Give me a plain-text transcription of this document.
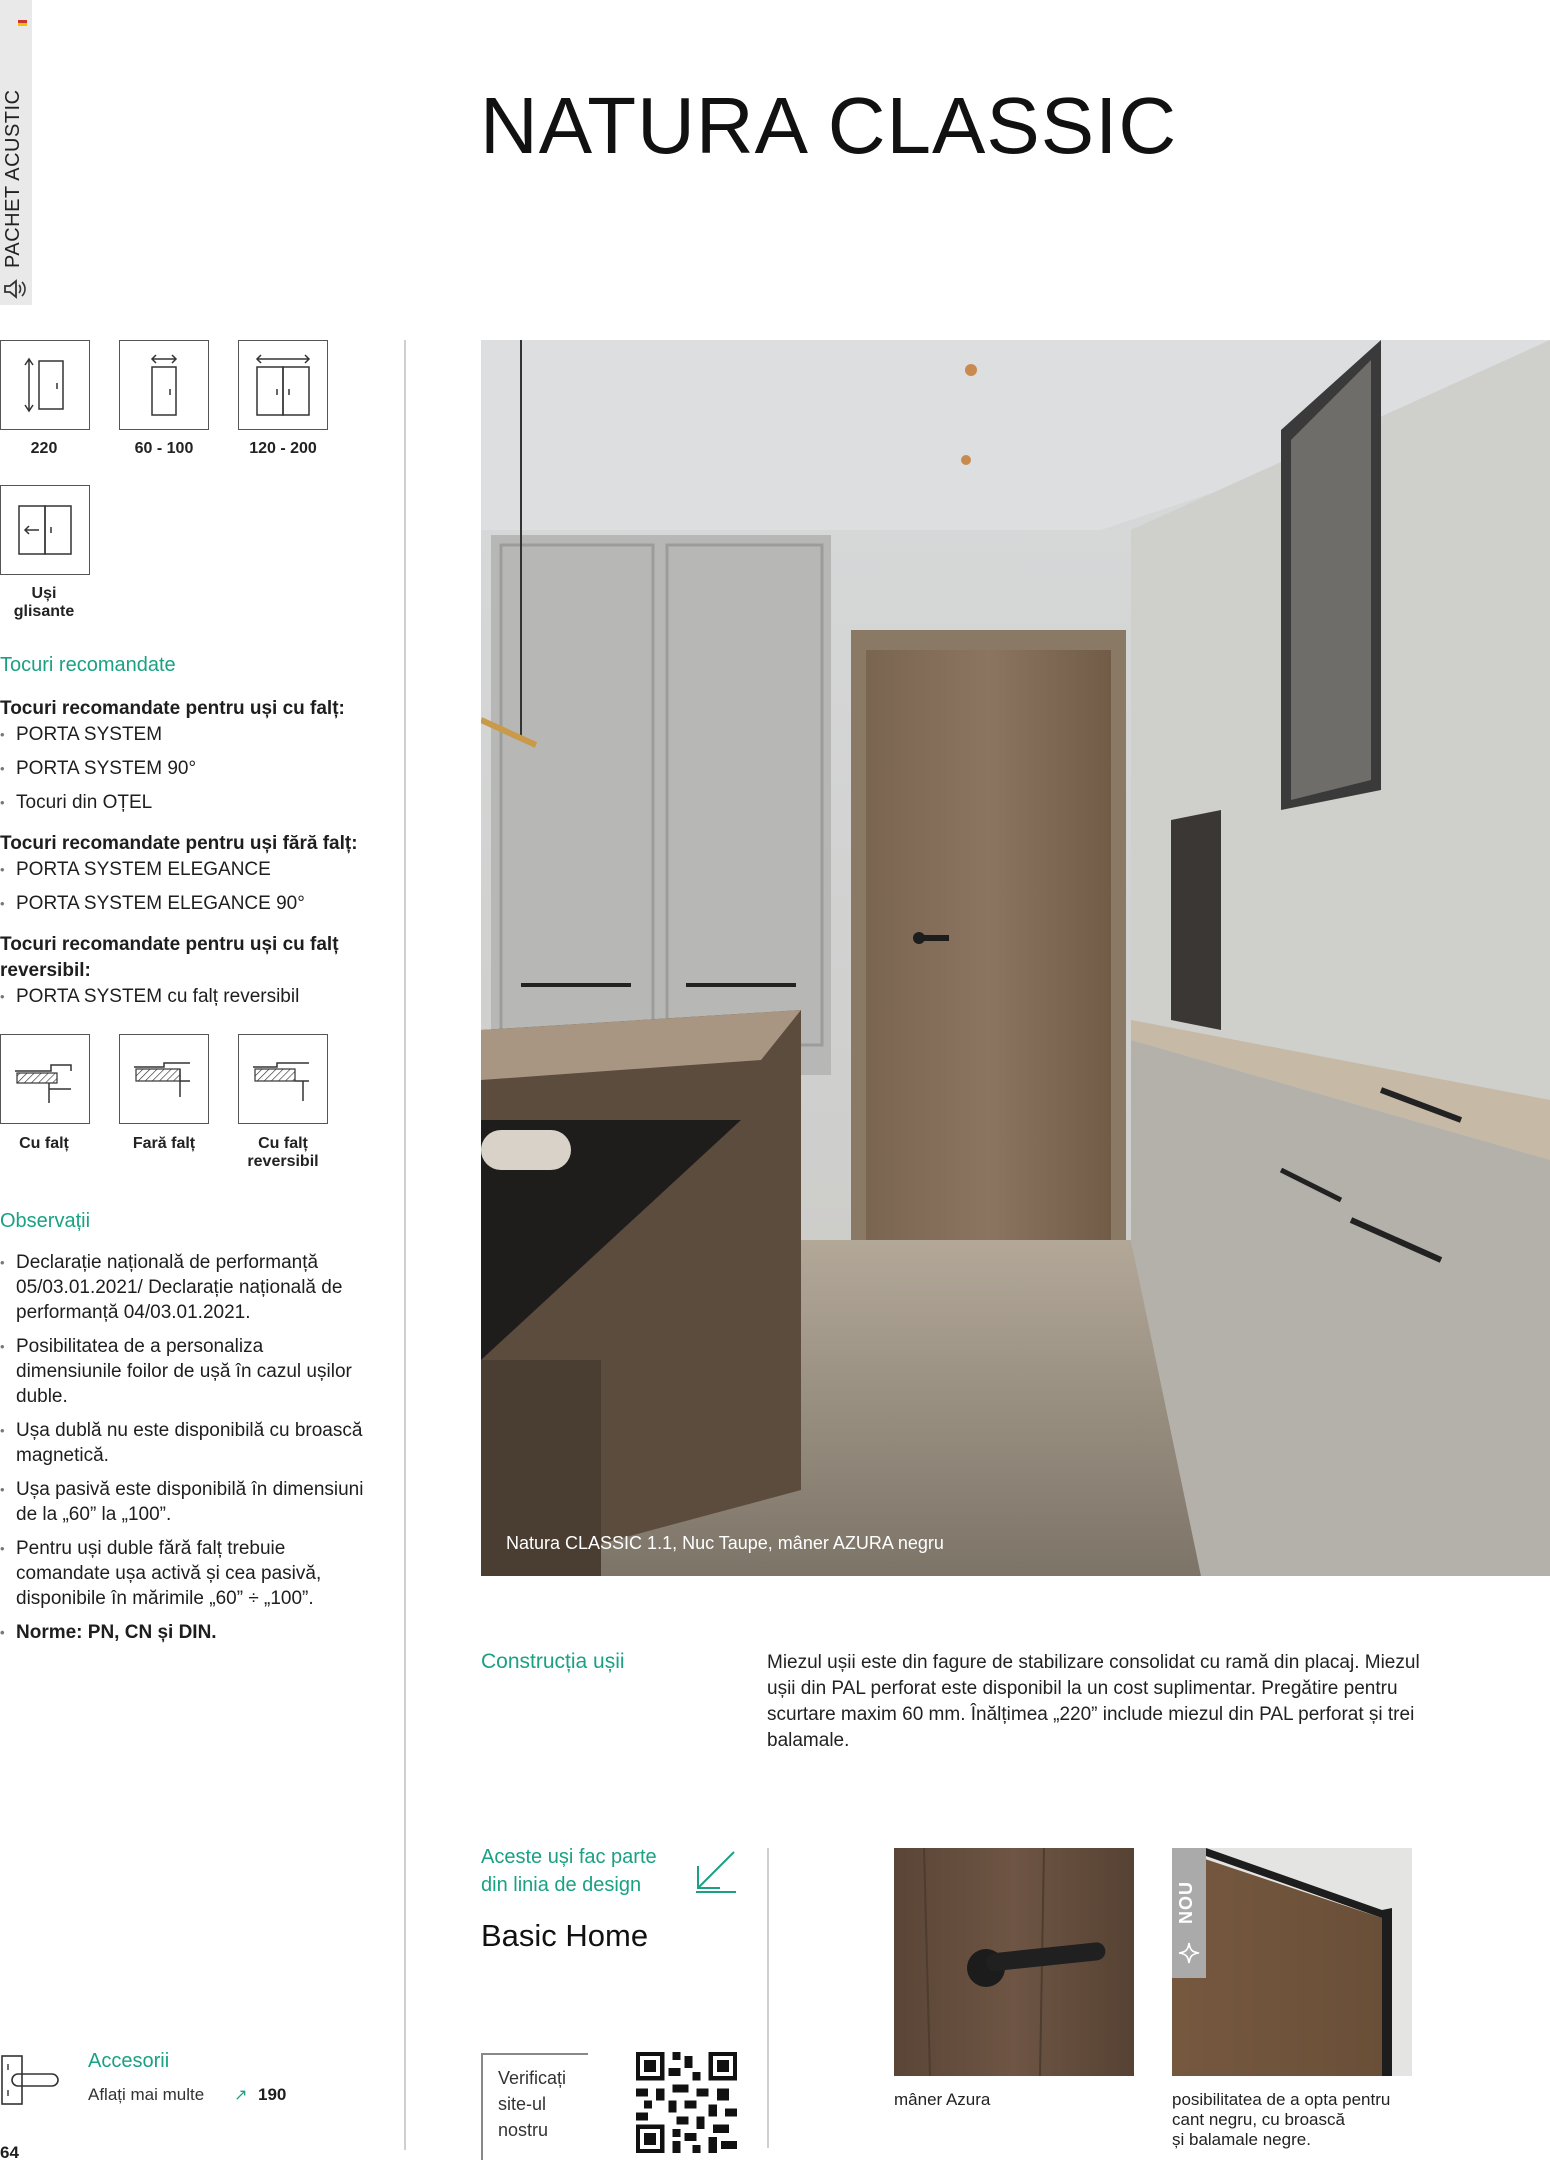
PACHET ACUSTIC	NATURA CLASSIC
220	60 - 100	120 - 200
Uși
glisante
Tocuri recomandate
Tocuri recomandate pentru uși cu falț:
• PORTA SYSTEM
• PORTA SYSTEM 90°
• Tocuri din OȚEL
Tocuri recomandate pentru uși fără falț:
• PORTA SYSTEM ELEGANCE
• PORTA SYSTEM ELEGANCE 90°
Tocuri recomandate pentru uși cu falț
reversibil:
• PORTA SYSTEM cu falț reversibil
Cu falț	Fară falț	Cu falț
reversibil
Observații
• Declarație națională de performanță 05/03.01.2021/ Declarație națională de performanță 04/03.01.2021.
• Posibilitatea de a personaliza dimensiunile foilor de ușă în cazul ușilor duble.
• Ușa dublă nu este disponibilă cu broască magnetică.
• Ușa pasivă este disponibilă în dimensiuni de la „60” la „100”.
• Pentru uși duble fără falț trebuie comandate ușa activă și cea pasivă, disponibile în mărimile „60” ÷ „100”.
• Norme: PN, CN și DIN.
Natura CLASSIC 1.1, Nuc Taupe, mâner AZURA negru
Construcția ușii	Miezul ușii este din fagure de stabilizare consolidat cu ramă din placaj. Miezul ușii din PAL perforat este disponibil la un cost suplimentar. Pregătire pentru scurtare maxim 60 mm. Înălțimea „220” include miezul din PAL perforat și trei balamale.
Aceste uși fac parte
din linia de design
Basic Home
mâner Azura
NOU
posibilitatea de a opta pentru
cant negru, cu broască
și balamale negre.
Accesorii
Aflați mai multe ↗ 190
Verificați
site-ul
nostru
64
